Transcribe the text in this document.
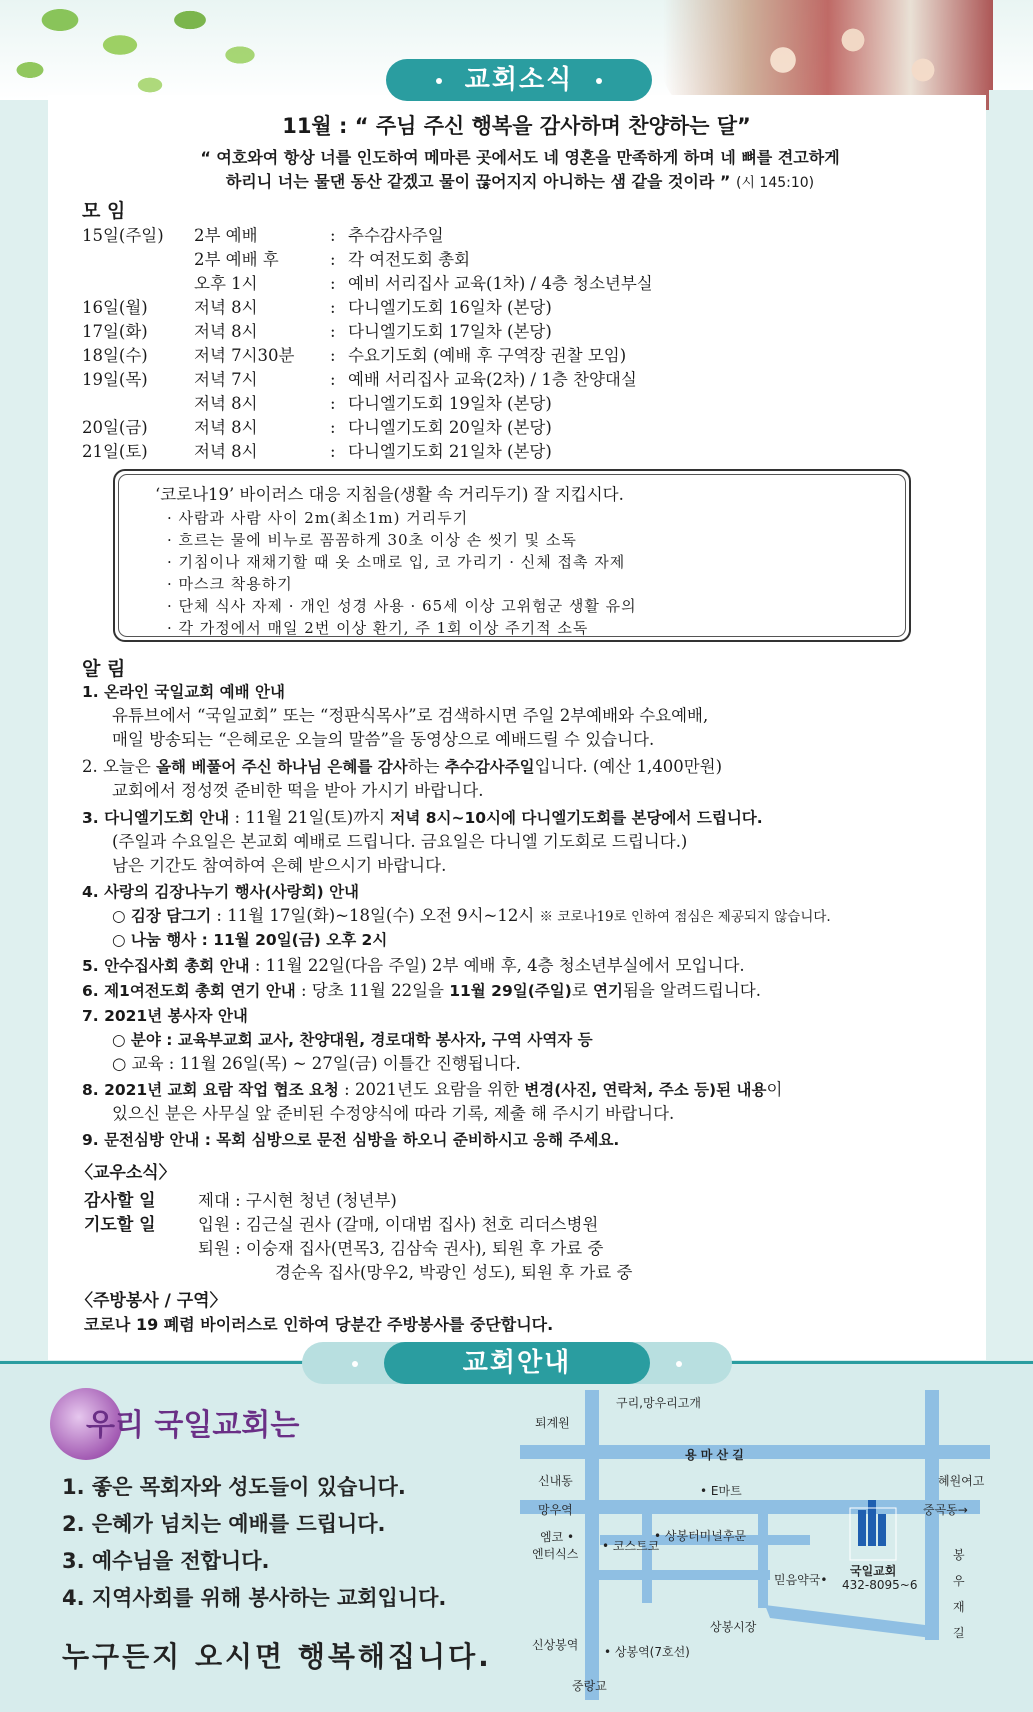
교회소식
11월 : “ 주님 주신 행복을 감사하며 찬양하는 달”
“ 여호와여 항상 너를 인도하여 메마른 곳에서도 네 영혼을 만족하게 하며 네 뼈를 견고하게
하리니 너는 물댄 동산 같겠고 물이 끊어지지 아니하는 샘 같을 것이라 ” (시 145:10)
모 임
15일(주일) 2부 예배	: 추수감사주일
2부 예배 후	: 각 여전도회 총회
오후 1시	: 예비 서리집사 교육(1차) / 4층 청소년부실
16일(월)	저녁 8시	: 다니엘기도회 16일차 (본당)
17일(화)	저녁 8시	: 다니엘기도회 17일차 (본당)
18일(수)	저녁 7시30분 : 수요기도회 (예배 후 구역장 권찰 모임)
19일(목)	저녁 7시	: 예배 서리집사 교육(2차) / 1층 찬양대실
저녁 8시	: 다니엘기도회 19일차 (본당)
20일(금)	저녁 8시	: 다니엘기도회 20일차 (본당)
21일(토)	저녁 8시	: 다니엘기도회 21일차 (본당)
‘코로나19’ 바이러스 대응 지침을(생활 속 거리두기) 잘 지킵시다.
· 사람과 사람 사이 2m(최소1m) 거리두기
· 흐르는 물에 비누로 꼼꼼하게 30초 이상 손 씻기 및 소독
· 기침이나 재채기할 때 옷 소매로 입, 코 가리기 · 신체 접촉 자제
· 마스크 착용하기
· 단체 식사 자제 · 개인 성경 사용 · 65세 이상 고위험군 생활 유의
· 각 가정에서 매일 2번 이상 환기, 주 1회 이상 주기적 소독
알 림
1. 온라인 국일교회 예배 안내
유튜브에서 “국일교회” 또는 “정판식목사”로 검색하시면 주일 2부예배와 수요예배,
매일 방송되는 “은혜로운 오늘의 말씀”을 동영상으로 예배드릴 수 있습니다.
2. 오늘은 올해 베풀어 주신 하나님 은혜를 감사하는 추수감사주일입니다. (예산 1,400만원)
교회에서 정성껏 준비한 떡을 받아 가시기 바랍니다.
3. 다니엘기도회 안내 : 11월 21일(토)까지 저녁 8시~10시에 다니엘기도회를 본당에서 드립니다.
(주일과 수요일은 본교회 예배로 드립니다. 금요일은 다니엘 기도회로 드립니다.)
남은 기간도 참여하여 은혜 받으시기 바랍니다.
4. 사랑의 김장나누기 행사(사랑회) 안내
○ 김장 담그기 : 11월 17일(화)~18일(수) 오전 9시~12시 ※ 코로나19로 인하여 점심은 제공되지 않습니다.
○ 나눔 행사 : 11월 20일(금) 오후 2시
5. 안수집사회 총회 안내 : 11월 22일(다음 주일) 2부 예배 후, 4층 청소년부실에서 모입니다.
6. 제1여전도회 총회 연기 안내 : 당초 11월 22일을 11월 29일(주일)로 연기됨을 알려드립니다.
7. 2021년 봉사자 안내
○ 분야 : 교육부교회 교사, 찬양대원, 경로대학 봉사자, 구역 사역자 등
○ 교육 : 11월 26일(목) ~ 27일(금) 이틀간 진행됩니다.
8. 2021년 교회 요람 작업 협조 요청 : 2021년도 요람을 위한 변경(사진, 연락처, 주소 등)된 내용이
있으신 분은 사무실 앞 준비된 수정양식에 따라 기록, 제출 해 주시기 바랍니다.
9. 문전심방 안내 : 목회 심방으로 문전 심방을 하오니 준비하시고 응해 주세요.
〈교우소식〉
감사할 일	제대 : 구시현 청년 (청년부)
기도할 일	입원 : 김근실 권사 (갈매, 이대범 집사) 천호 리더스병원
퇴원 : 이숭재 집사(면목3, 김삼숙 권사), 퇴원 후 가료 중
경순옥 집사(망우2, 박광인 성도), 퇴원 후 가료 중
〈주방봉사 / 구역〉
코로나 19 폐렴 바이러스로 인하여 당분간 주방봉사를 중단합니다.
교회안내
우리 국일교회는
1. 좋은 목회자와 성도들이 있습니다.
2. 은혜가 넘치는 예배를 드립니다.
3. 예수님을 전합니다.
4. 지역사회를 위해 봉사하는 교회입니다.
누구든지 오시면 행복해집니다.
퇴계원
구리,망우리고개
용 마 산 길
신내동
• E마트
혜원여고
망우역	중곡동→
엠코 •
엔터식스
• 코스트코
• 상봉터미널후문
국일교회
432-8095~6
믿음약국•
봉
우
재
길
상봉시장
신상봉역 • 상봉역(7호선)
중랑교
